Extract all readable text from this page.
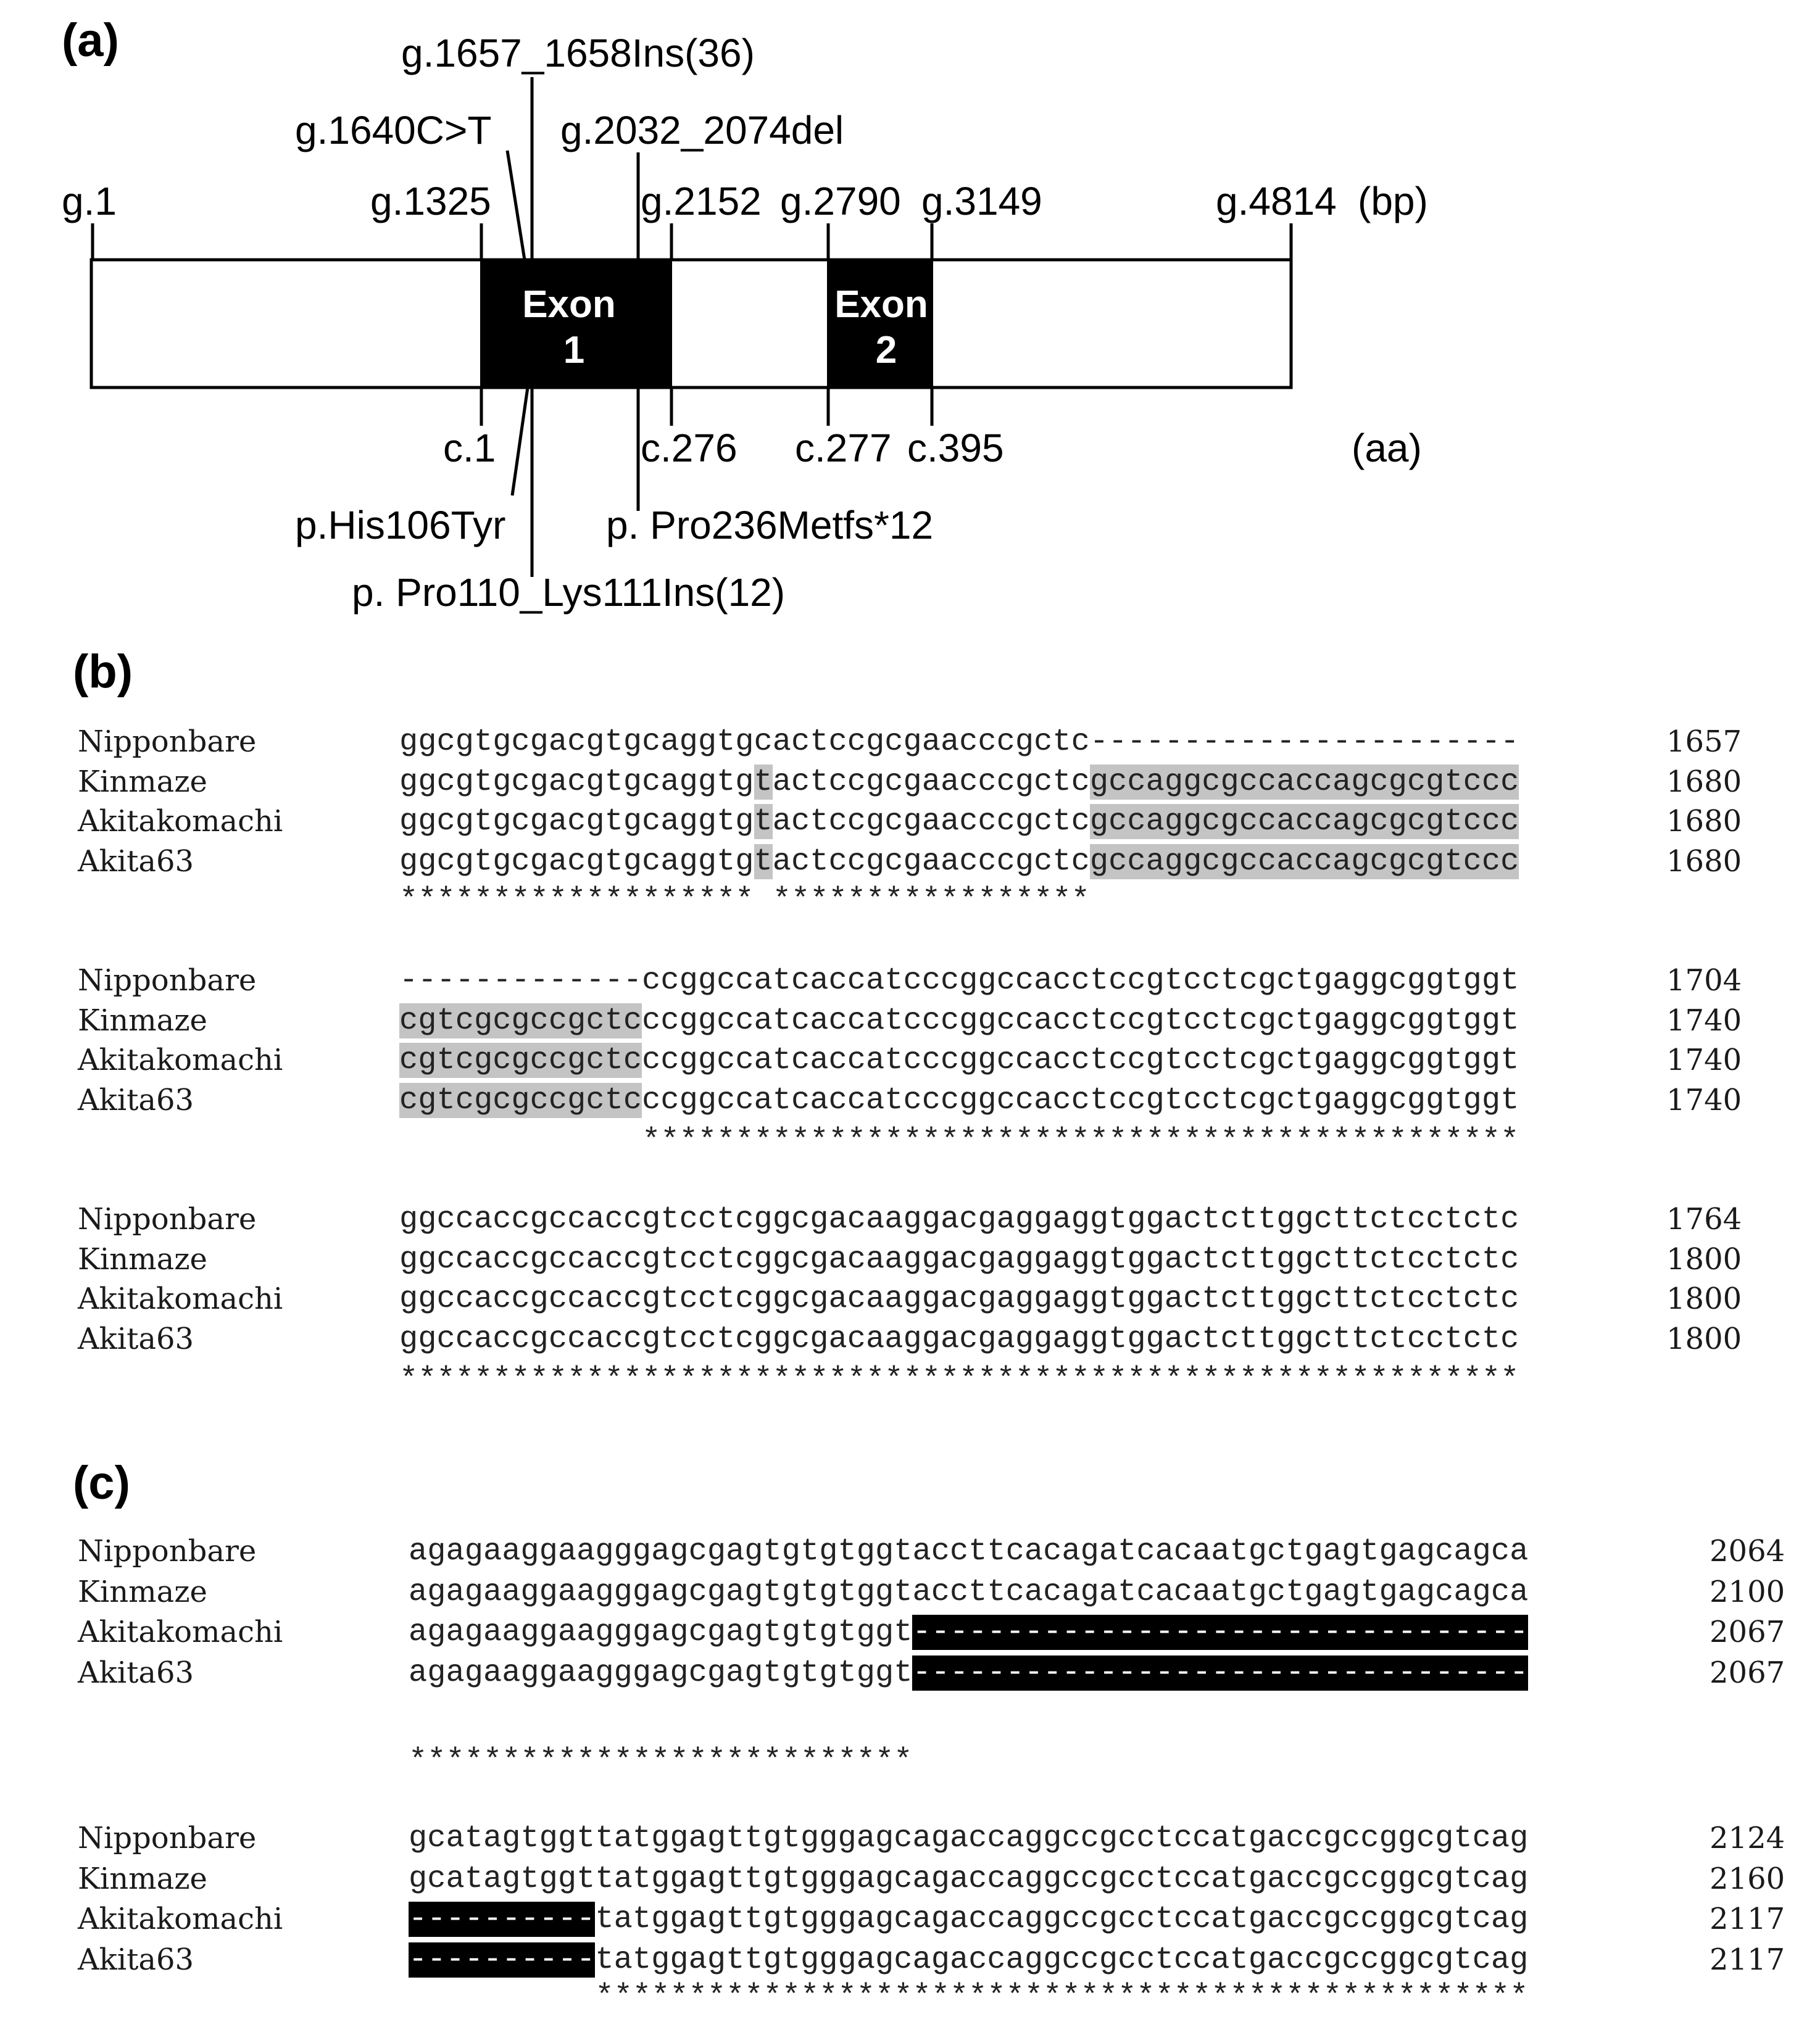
(a)
g.1	g.1325	g.2152 g.2790 g.3149	g.4814 (bp)
g.1657_1658Ins(36)
g.1640C>T g.2032_2074del
Exon
1
Exon
2
c.1	c.276 c.277 c.395	(aa)
p.His106Tyr	p. Pro236Metfs*12
p. Pro110_Lys111Ins(12)
(b)
Nipponbare	ggcgtgcgacgtgcaggtgcactccgcgaacccgctc-----------------------	1657
Kinmaze	ggcgtgcgacgtgcaggtgtactccgcgaacccgctcgccaggcgccaccagcgcgtccc	1680
Akitakomachi	ggcgtgcgacgtgcaggtgtactccgcgaacccgctcgccaggcgccaccagcgcgtccc	1680
Akita63	ggcgtgcgacgtgcaggtgtactccgcgaacccgctcgccaggcgccaccagcgcgtccc	1680
******************* *****************
Nipponbare	-------------ccggccatcaccatcccggccacctccgtcctcgctgaggcggtggt	1704
Kinmaze	cgtcgcgccgctcccggccatcaccatcccggccacctccgtcctcgctgaggcggtggt	1740
Akitakomachi	cgtcgcgccgctcccggccatcaccatcccggccacctccgtcctcgctgaggcggtggt	1740
Akita63	cgtcgcgccgctcccggccatcaccatcccggccacctccgtcctcgctgaggcggtggt	1740
***********************************************
Nipponbare	ggccaccgccaccgtcctcggcgacaaggacgaggaggtggactcttggcttctcctctc	1764
Kinmaze	ggccaccgccaccgtcctcggcgacaaggacgaggaggtggactcttggcttctcctctc	1800
Akitakomachi	ggccaccgccaccgtcctcggcgacaaggacgaggaggtggactcttggcttctcctctc	1800
Akita63	ggccaccgccaccgtcctcggcgacaaggacgaggaggtggactcttggcttctcctctc	1800
************************************************************
(c)
Nipponbare	agagaaggaagggagcgagtgtgtggtaccttcacagatcacaatgctgagtgagcagca	2064
Kinmaze	agagaaggaagggagcgagtgtgtggtaccttcacagatcacaatgctgagtgagcagca	2100
Akitakomachi	agagaaggaagggagcgagtgtgtggt---------------------------------	2067
Akita63	agagaaggaagggagcgagtgtgtggt---------------------------------	2067
***************************
Nipponbare	gcatagtggttatggagttgtgggagcagaccaggccgcctccatgaccgccggcgtcag	2124
Kinmaze	gcatagtggttatggagttgtgggagcagaccaggccgcctccatgaccgccggcgtcag	2160
Akitakomachi	----------tatggagttgtgggagcagaccaggccgcctccatgaccgccggcgtcag	2117
Akita63	----------tatggagttgtgggagcagaccaggccgcctccatgaccgccggcgtcag	2117
**************************************************
